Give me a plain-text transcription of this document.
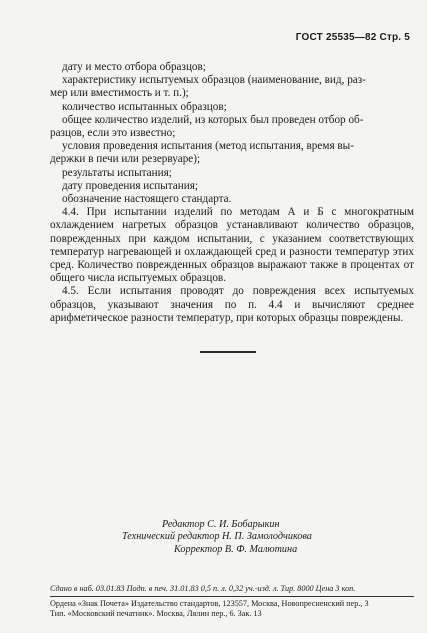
ГОСТ 25535—82 Стр. 5

дату и место отбора образцов;

характеристику испытуемых образцов (наименование, вид, раз-

мер или вместимость и т. п.);

количество испытанных образцов;

общее количество изделий, из которых был проведен отбор об-

разцов, если это известно;

условия проведения испытания (метод испытания, время вы-

держки в печи или резервуаре);

результаты испытания;

дату проведения испытания;

обозначение настоящего стандарта.

4.4. При испытании изделий по методам А и Б с многократным охлаждением нагретых образцов устанавливают количество образцов, поврежденных при каждом испытании, с указанием соответствующих температур нагревающей и охлаждающей сред и разности температур этих сред. Количество поврежденных образцов выражают также в процентах от общего числа испытуемых образцов.

4.5. Если испытания проводят до повреждения всех испытуемых образцов, указывают значения по п. 4.4 и вычисляют среднее арифметическое разности температур, при которых образцы повреждены.

Редактор С. И. Бобарыкин
Технический редактор Н. П. Замолодчикова
Корректор В. Ф. Малютина
Сдано в наб. 03.01.83 Подп. в печ. 31.01.83 0,5 п. л. 0,32 уч.-изд. л. Тир. 8000 Цена 3 коп.
Ордена «Знак Почета» Издательство стандартов, 123557, Москва, Новопресненский пер., 3
Тип. «Московский печатник». Москва, Лялин пер., 6. Зак. 13
